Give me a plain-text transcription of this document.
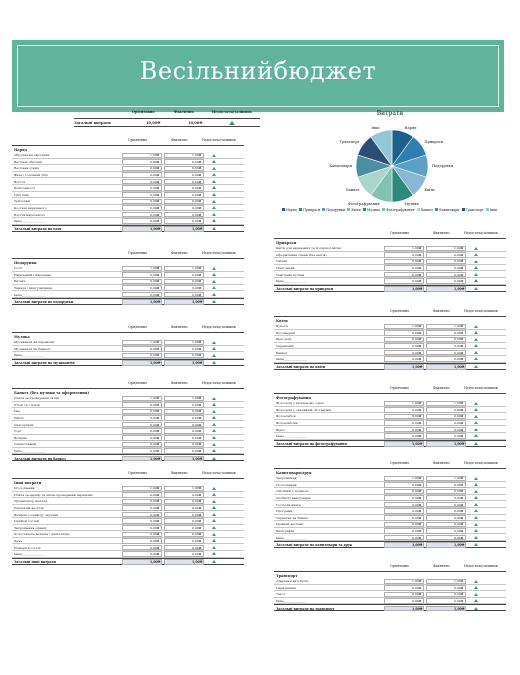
Весільнийбюджет
Орієнтовно	Фактично	Недостача/залишок
Загальні витрати	10,00₴	10,00₴
Витрати
Наряд
Прикраси
Подарунки
Квіти
Музика
Фотографування
Банкет
Канцтовари
Транспорт
Інші
Наряд Прикраси Подарунки Квіти Музика Фотографування Банкет Канцтовари Транспорт Інші
Орієнтовно	Фактично	Недостача/залишок
Наряд
Обручка на заручини	1,00₴	1,00₴
Весільні обручки	0,00₴	0,00₴
Весільна сукня	0,00₴	0,00₴
Фата / головний убір	0,00₴	0,00₴
Взуття	0,00₴	0,00₴
Коштовності	0,00₴	0,00₴
Ціпі тіма	0,00₴	0,00₴
Трихотаж	0,00₴	0,00₴
Костюм нареченого	0,00₴	0,00₴
Взуття нареченого	0,00₴	0,00₴
Інше_______________	0,00₴	0,00₴
Загальні витрати на одяг	1,00₴	1,00₴
Орієнтовно	Фактично	Недостача/залишок
Подарунки
Гості	1,00₴	1,00₴
Наречений і наречена	0,00₴	0,00₴
Батьки	0,00₴	0,00₴
Тамада / інші учасники	0,00₴	0,00₴
Інше_______________	0,00₴	0,00₴
Загальні витрати на подарунки	1,00₴	1,00₴
Орієнтовно	Фактично	Недостача/залишок
Музика
Музиканти на церемонії	1,00₴	1,00₴
Музиканти на банкеті	0,00₴	0,00₴
Інше_______________	0,00₴	0,00₴
Загальні витрати на музикантів	1,00₴	1,00₴
Орієнтовно	Фактично	Недостача/залишок
Банкет (без музики та оформлення)
Плата за проведення та ціп	1,00₴	1,00₴
Стіли та стільці	0,00₴	0,00₴
Їжа	0,00₴	0,00₴
Напої	0,00₴	0,00₴
Скатертини	0,00₴	0,00₴
Торт	0,00₴	0,00₴
Вечірка	0,00₴	0,00₴
Сервіс/чайові	0,00₴	0,00₴
Інше_______________	0,00₴	0,00₴
Загальні витрати на банкет	1,00₴	1,00₴
Орієнтовно	Фактично	Недостача/залишок
Інші витрати
Оголошення	1,00₴	1,00₴
Плата за церкву та місце проведення церемонії	0,00₴	0,00₴
Організатор весілля	0,00₴	0,00₴
Репетиція весілля	0,00₴	0,00₴
Вечірка з приводу заручин	0,00₴	0,00₴
Прийом гостей	0,00₴	0,00₴
Запрошення однаку	0,00₴	0,00₴
Холостяцька вечірка / дівич-вечір	0,00₴	0,00₴
Даче	0,00₴	0,00₴
Номери в готелі	0,00₴	0,00₴
Інше_______________	0,00₴	0,00₴
Загальні інші витрати	1,00₴	1,00₴
Орієнтовно	Фактично	Недостача/залишок
Прикраси
Квіти для наречених та їх першої місця	1,00₴	1,00₴
Оформлення сцени (без квітів)	0,00₴	0,00₴
Свічки	0,00₴	0,00₴
Освітлення	0,00₴	0,00₴
Повітряні кульки	0,00₴	0,00₴
Інше_______________	0,00₴	0,00₴
Загальні витрати на прикраси	1,00₴	1,00₴
Орієнтовно	Фактично	Недостача/залишок
Квіти
Букети	1,00₴	1,00₴
Бутоньєрки	0,00₴	0,00₴
Браслети	0,00₴	0,00₴
Церемонія	0,00₴	0,00₴
Банкет	0,00₴	0,00₴
Інше_______________	0,00₴	0,00₴
Загальні витрати на квіти	1,00₴	1,00₴
Орієнтовно	Фактично	Недостача/залишок
Фотографування
Фотосесія у весільному одязі	1,00₴	1,00₴
Фотосесія у звичайній обстановці	0,00₴	0,00₴
Фотоальбом	0,00₴	0,00₴
Фотоальбоми	0,00₴	0,00₴
Відео	0,00₴	0,00₴
Інше_______________	0,00₴	0,00₴
Загальні витрати на фотографування	1,00₴	1,00₴
Орієнтовно	Фактично	Недостача/залишок
Канцтовари/друк
Запрошення	1,00₴	1,00₴
Оголошення	0,00₴	0,00₴
Листівки з подякою	0,00₴	0,00₴
Особисті канцтовари	0,00₴	0,00₴
Гостьова книга	0,00₴	0,00₴
Програми	0,00₴	0,00₴
Серветки на банкет	0,00₴	0,00₴
Сірники весільні	0,00₴	0,00₴
Каліграфія	0,00₴	0,00₴
Інше_______________	0,00₴	0,00₴
Загальні витрати на канцтовари та друк	1,00₴	1,00₴
Орієнтовно	Фактично	Недостача/залишок
Транспорт
Лімузини автобусів	1,00₴	1,00₴
Паркування	0,00₴	0,00₴
Таксі	0,00₴	0,00₴
Інше_______________	0,00₴	0,00₴
Загальні витрати на транспорт	1,00₴	1,00₴
